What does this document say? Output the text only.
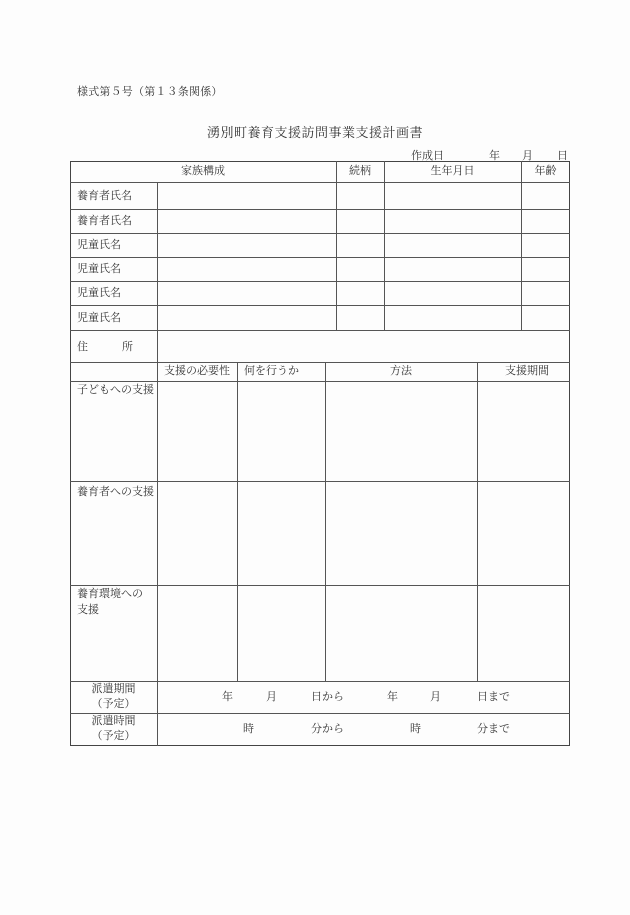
様式第５号（第１３条関係）
湧別町養育支援訪問事業支援計画書
作成日	年 月 日
家族構成	続柄	生年月日	年齢
養育者氏名
養育者氏名
児童氏名
児童氏名
児童氏名
児童氏名
住	所
支援の必要性	何を行うか	方法	支援期間
子どもへの支援
養育者への支援
養育環境への
支援
派遣期間
（予定）
年	月	日から	年	月	日まで
派遣時間
（予定）
時	分から	時	分まで
